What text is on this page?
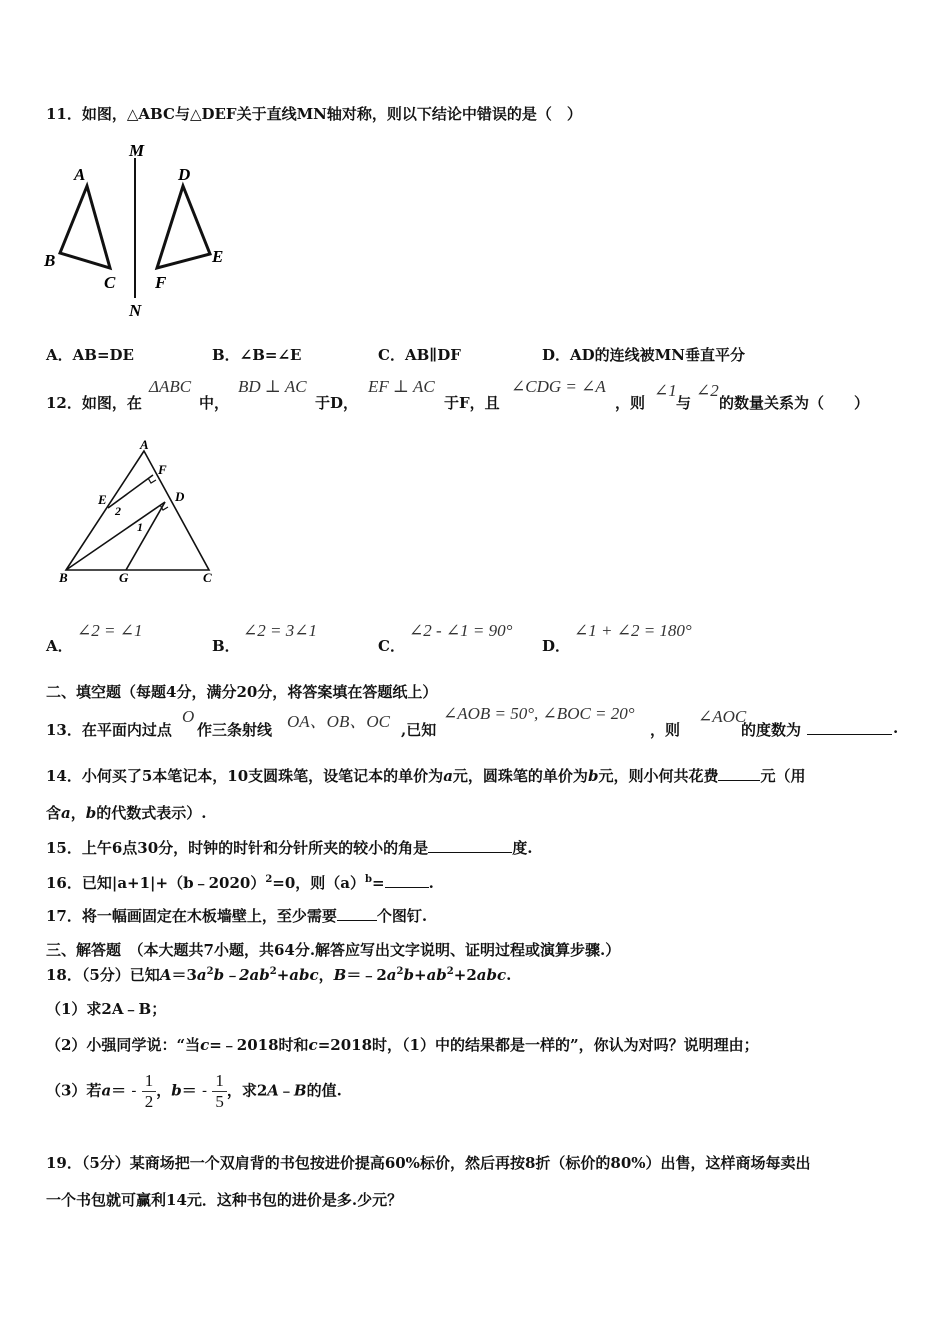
11．如图，△ABC与△DEF关于直线MN轴对称，则以下结论中错误的是（　）
M
N
A
B
C
D
E
F
A．AB=DE	B．∠B=∠E	C．AB∥DF	D．AD的连线被MN垂直平分
12．如图，在
ΔABC
中，
BD ⊥ AC
于D，
EF ⊥ AC
于F，且
∠CDG = ∠A
，则
∠1
与
∠2
的数量关系为（　　）
A
F
E	D
2
1
B	G	C
A．
∠2 = ∠1
B．
∠2 = 3∠1
C．
∠2 - ∠1 = 90°
D．
∠1 + ∠2 = 180°
二、填空题（每题4分，满分20分，将答案填在答题纸上）
13．在平面内过点
O
作三条射线 OA、OB、OC ,已知
∠AOB = 50°, ∠BOC = 20°
，则
∠AOC
的度数为	.
14．小何买了5本笔记本，10支圆珠笔，设笔记本的单价为a元，圆珠笔的单价为b元，则小何共花费	元（用
含a，b的代数式表示）.
15．上午6点30分，时钟的时针和分针所夹的较小的角是	度.
16．已知|a+1|+（b﹣2020）$^2$=0，则$(a)^b=$	.
17．将一幅画固定在木板墙壁上，至少需要	个图钉.
三、解答题　（本大题共7小题，共64分.解答应写出文字说明、证明过程或演算步骤.）
18．（5分）已知$A=3a^2b﹣2ab^2+abc$，$B=﹣2a^2b+ab^2+2abc$.
（1）求2A﹣B；
（2）小强同学说：“当c=﹣2018时和c=2018时，（1）中的结果都是一样的”，你认为对吗？说明理由；
（3）若$a= - \frac{1}{2}$ ，$b= - \frac{1}{5}$ ，求2A﹣B的值.
19．（5分）某商场把一个双肩背的书包按进价提高60%标价，然后再按8折（标价的80%）出售，这样商场每卖出
一个书包就可赢利14元．这种书包的进价是多.少元？
